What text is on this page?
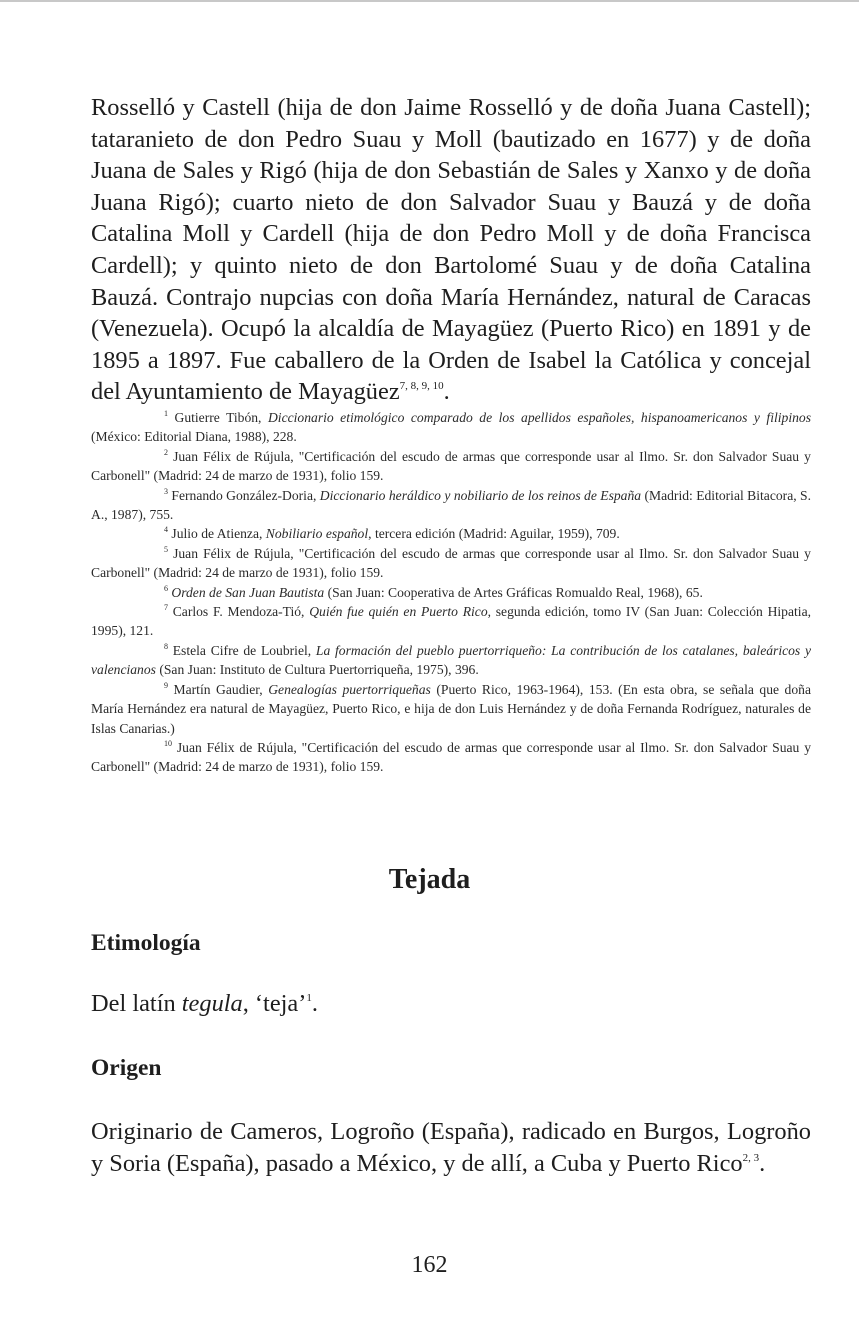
Rosselló y Castell (hija de don Jaime Rosselló y de doña Juana Castell); tataranieto de don Pedro Suau y Moll (bautizado en 1677) y de doña Juana de Sales y Rigó (hija de don Sebastián de Sales y Xanxo y de doña Juana Rigó); cuarto nieto de don Salvador Suau y Bauzá y de doña Catalina Moll y Cardell (hija de don Pedro Moll y de doña Francisca Cardell); y quinto nieto de don Bartolomé Suau y de doña Catalina Bauzá. Contrajo nupcias con doña María Hernández, natural de Caracas (Venezuela). Ocupó la alcaldía de Mayagüez (Puerto Rico) en 1891 y de 1895 a 1897. Fue caballero de la Orden de Isabel la Católica y concejal del Ayuntamiento de Mayagüez$^{7, 8, 9, 10}$.

$^1$ Gutierre Tibón, Diccionario etimológico comparado de los apellidos españoles, hispanoamericanos y filipinos (México: Editorial Diana, 1988), 228.

$^2$ Juan Félix de Rújula, "Certificación del escudo de armas que corresponde usar al Ilmo. Sr. don Salvador Suau y Carbonell" (Madrid: 24 de marzo de 1931), folio 159.

$^3$ Fernando González-Doria, Diccionario heráldico y nobiliario de los reinos de España (Madrid: Editorial Bitacora, S. A., 1987), 755.

$^4$ Julio de Atienza, Nobiliario español, tercera edición (Madrid: Aguilar, 1959), 709.

$^5$ Juan Félix de Rújula, "Certificación del escudo de armas que corresponde usar al Ilmo. Sr. don Salvador Suau y Carbonell" (Madrid: 24 de marzo de 1931), folio 159.

$^6$ Orden de San Juan Bautista (San Juan: Cooperativa de Artes Gráficas Romualdo Real, 1968), 65.

$^7$ Carlos F. Mendoza-Tió, Quién fue quién en Puerto Rico, segunda edición, tomo IV (San Juan: Colección Hipatia, 1995), 121.

$^8$ Estela Cifre de Loubriel, La formación del pueblo puertorriqueño: La contribución de los catalanes, baleáricos y valencianos (San Juan: Instituto de Cultura Puertorriqueña, 1975), 396.

$^9$ Martín Gaudier, Genealogías puertorriqueñas (Puerto Rico, 1963-1964), 153. (En esta obra, se señala que doña María Hernández era natural de Mayagüez, Puerto Rico, e hija de don Luis Hernández y de doña Fernanda Rodríguez, naturales de Islas Canarias.)

$^{10}$ Juan Félix de Rújula, "Certificación del escudo de armas que corresponde usar al Ilmo. Sr. don Salvador Suau y Carbonell" (Madrid: 24 de marzo de 1931), folio 159.

Tejada
Etimología

Del latín tegula, ‘teja’$^1$.

Origen

Originario de Cameros, Logroño (España), radicado en Burgos, Logroño y Soria (España), pasado a México, y de allí, a Cuba y Puerto Rico$^{2, 3}$.

162
